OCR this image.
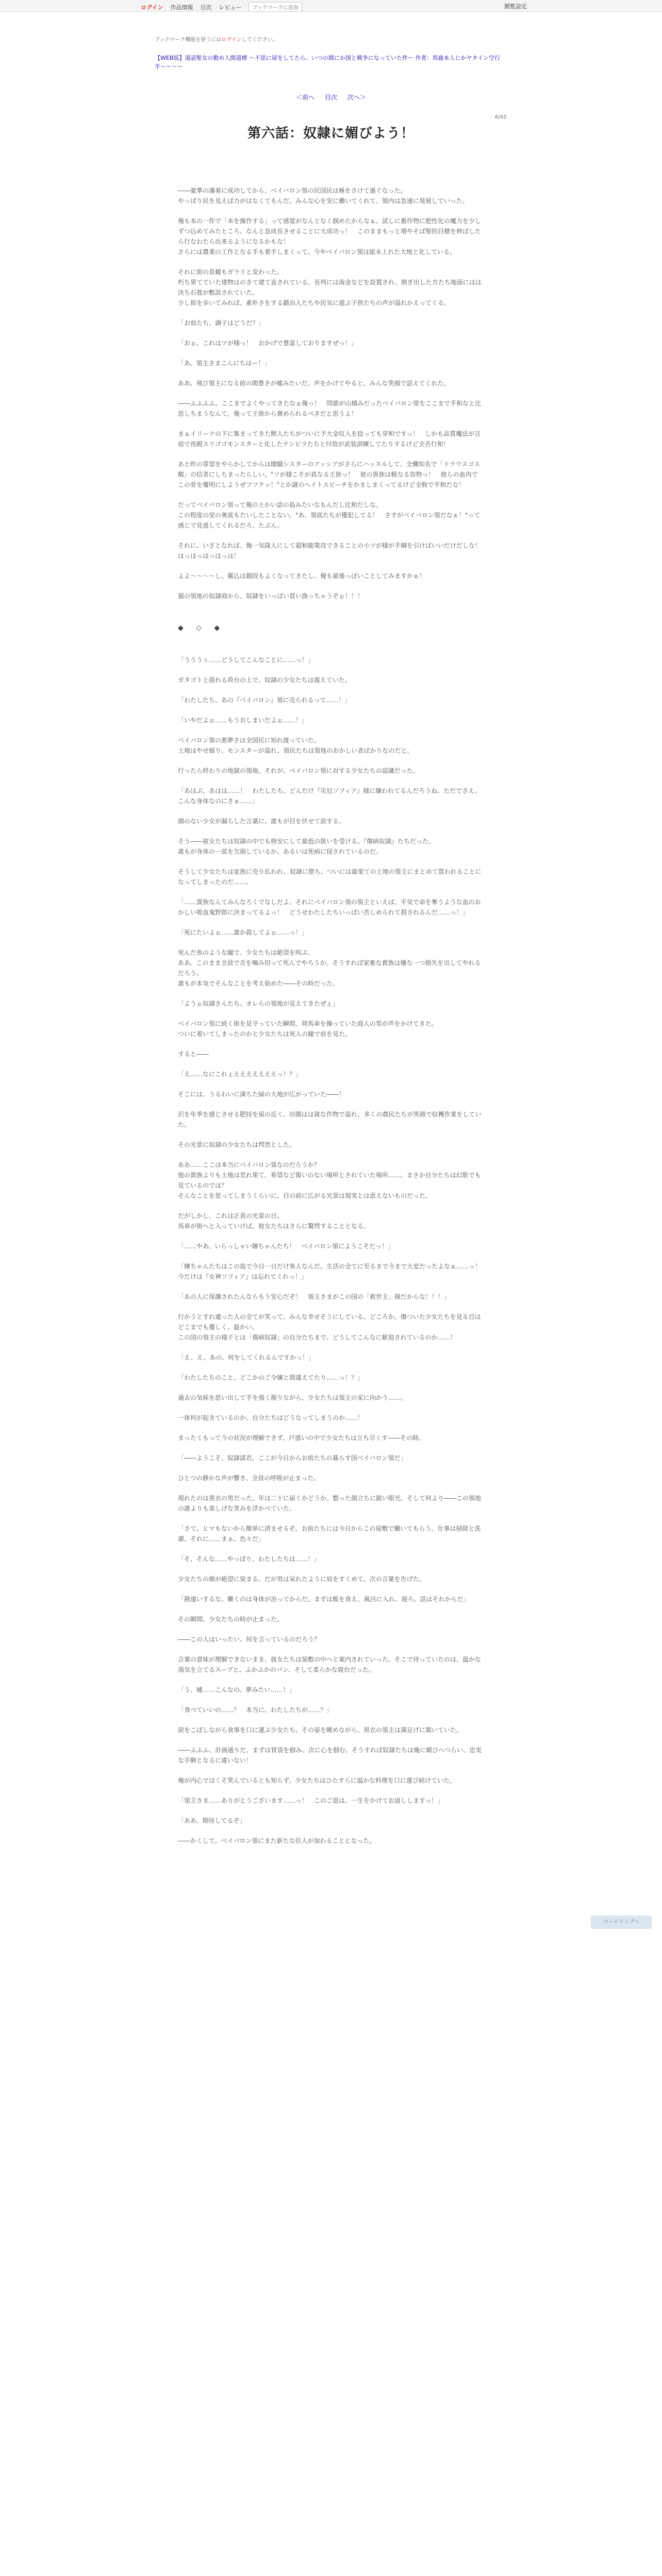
ログイン 作品情報 目次 レビュー	ブックマークに追加	閲覧設定
ブックマーク機能を使うにはログインしてください。
【WEB版】道話聖女の勤め人間道標 ～不思に屋をしてたら、いつの間にか国と戦争になっていた件～ 作者：馬鹿本人じかヤタイン空行半〜〜〜〜
＜前へ 目次 次へ＞
6/42
第六話：奴隷に媚びよう！

――豪華の藩着に成功してから、ベイバロン領の民国民は極をさけて過ぐなった。
やっぱり民を見えば力がはなくてもんだ。みんな心を安に働いてくれて、領内は急速に発展していった。

俺も本の一件で「本を操作する」って感覚がなんとなく掴めたからなぁ。試しに畜作物に肥性化の魔力を少しずつ込めてみたところ、なんと急成長させることに大成功っ！　このままもっと増やそば聖的目標を伸ばしたら行なわたら出来るようになるかもな！
さらには農業の工作となる手も着手しまくって、今やベイバロン領は総永上れた大地と化している。

それに街の景観もガラリと変わった。
朽ち果てていた建物はのきて建て直されている。長列には海金などを設置され、割ぎ出した方たち地面にはは決ち石畳が敷設されていた。
少し街を歩いてみれば、素朴さをする鍛冶人たちや民気に遊ぶ子供たちの声が溢れかえってくる。

「お前たち、調子はどうだ？」

「おぉ、これはツが様っ！　おかげで豊富しておりますぜっ！」

「あ、領主さまこんにちはー！」

ああ、飛び領主になる前の閑豊さが嘘みたいだ。声をかけてやると、みんな笑顔で話えてくれた。

――ふふふふ。ここまでよくやってきたなぁ俺っ！　問節が山積みだったベイバロン領をここまで手和なと比思しちまうなんて。俺って王族から褒められるべきだと思うよ！

まぁイリーナの下に集まってきた獣人たちがついに予大金収入を捻っても穿和ですっ！　しかも品質魔法が言宿で夜殿スリゴゴモンスターと化したテンピラたちと付故が武装訓練してたりするけど全否行和！

あと昨の罪望をやらかしてからは闇騒シスターのアッシアがさらにハッスルして、全懺知名で「ドラウスゴス酸」の信者にしちまったらしい。"ソが様こそが真なる王族っ！　彼の異族は軽なる容物っ！　彼らの血肉でこの骨を覆明にしようぜフフクッ！"とか謎のヘイトスピーチをかましまくってるけど全般で平和だな！

だってベイバロン領って俺の土かい話の島みたいなもんだし比和だしな。
この程度の堂の奥底もたいしたことない。"あ、領底たちが優犯してる！　さすがベイバロン領だなぁ！"って感じで見逃してくれるだろ、たぶん。

それに、いざとなれば、俺一気隆人にして超和能策攻できることの小ツが様が手綱を引けばいいだけだしな！　はっはっはっはっは！

よよ〜〜〜〜し。霧込は競段もよくなってきたし、俺も最後っぽいことしてみますかぁ！

猫の領地の奴隷商から、奴隷をいっぱい買い漁っちゃうぞぉ！！！

◆ ◇ ◆

「うううぅ……どうしてこんなことに……っ！」

ガタゴトと揺れる荷台の上で、奴隷の少女たちは震えていた。

「わたしたち、あの『ベイバロン』領に売られるって……！」

「いやだよぉ……もうおしまいだよぉ……！」

ベイバロン領の悪夢さは全国民に知れ渡っていた。
土地はやせ細り、モンスターが溢れ、領民たちは領地のおかしい者ばかりなのだと。

行ったら終わりの地獄の領地。それが、ベイバロン領に対する少女たちの認識だった。

「あはぶ、あはは……！　わたしたち、どんだけ『災厄ソフィア』様に嫌われてるんだろうね、ただでさえ、こんな身体なのにさぁ……」

顔のない少女が漏らした言葉に、誰もが目を伏せて涙する。

そう――彼女たちは奴隷の中でも格安にして最低の扱いを受ける、『傷病奴隷』たちだった。
誰もが身体の一部を欠損しているか、あるいは死病に侵されているのだ。

そうして少女たちは家族に売り払われ、奴隷に堕ち、ついには最果ての土地の領主にまとめて買われることになってしまったのだ……。

「……貴族なんてみんなろくでなしだよ。それにベイバロン領の領主といえば、平気で命を奪うような血のおかしい吸血鬼野郎に決まってるよっ！　どうせわたしたちいっぱい苦しめられて殺されるんだ……っ！」

「死にたいよぉ……誰か殺してよぉ……っ！」

死んだ魚のような瞳で、少女たちは絶望を叫ぶ。
ああ、このまま全員で舌を噛み切って死んでやろうか。そうすれば家畜な貴族は嫌な一つ損失を出してやれるだろう。
誰もが本気でそんなことを考え始めた――その時だった。

「ようぉ奴隷さんたち。オレらの領地が見えてきたぜぇ」

ベイバロン領に続く街を見守っていた瞬間、荷馬車を操っていた商人の男が声をかけてきた。
ついに着いてしまったのかと少女たちは死人の瞳で前を見た。

すると――

「え……なにこれぇえええええええっ！？」

そこには、うるわいに満ちた緑の大地が広がっていた――！

沢を年季を感じさせる肥持を屋の近く、田園はは資な作物で溢れ、多くの農民たちが笑顔で収穫作業をしていた。

その光景に奴隷の少女たちは愕然とした。

ああ……ここは本当にベイバロン領なのだろうか？
他の貴族よりも土地は荒れ果て、希望など報いのない場所とされていた場所……。まさか自分たちは幻影でも見ているのでは？
そんなことを思ってしまうくらいに、目の前に広がる光景は現実とは思えないものだった。

だがしかし、これは正真の光景の日。
馬車が街へと入っていけば、彼女たちはさらに驚愕することとなる。

「……やあ、いらっしゃい嬢ちゃんたち！　ベイバロン領にようこそだっ！」

「嬢ちゃんたちはこの島で今日一日だけ客人なんだ。生活の全てに至るまで今まで大変だったよなぁ……っ！　今だけは『女神ソフィア』は忘れてくれっ！」

「あの人に保護されたんならもう安心だぞ！　領主さまがこの国の「救世主」様だからな！！！」

行かうとすれ違った人の全てが笑って、みんな幸せそうにしている。どころか、傷ついた少女たちを見る目はどこまでも優しく、温かい。
この国の領主の様子とは「傷病奴隷」の自分たちまで、どうしてこんなに歓迎されているのか……！

「え、え、あの、何をしてくれるんですかっ！」

「わたしたちのこと、どこかのご令嬢と間違えてたり……っ！？」

過去の気候を思い出して手を強く握りながら、少女たちは領主の家に向かう……。

一体何が起きているのか、自分たちはどうなってしまうのか……！

まったくもって今の状況が理解できず、戸惑いの中で少女たちは立ち尽くす――その時。

「――ようこそ、奴隷諸君。ここが今日からお前たちの暮らす国ベイバロン領だ」

ひとつの静かな声が響き、全員の呼吸が止まった。

現れたのは黒衣の男だった。年は二十に届くかどうか。整った顔立ちに鋭い眼光、そして何より――この領地の誰よりも楽しげな笑みを浮かべていた。

「さて、ヒマもないから簡単に済ませるぞ。お前たちには今日からこの屋敷で働いてもらう。仕事は掃除と洗濯、それに……まぁ、色々だ」

「そ、そんな……やっぱり、わたしたちは……！」

少女たちの顔が絶望に染まる。だが男は呆れたように肩をすくめて、次の言葉を告げた。

「勘違いするな。働くのは身体が治ってからだ。まずは飯を食え、風呂に入れ、寝ろ。話はそれからだ」

その瞬間、少女たちの時が止まった。

――この人はいったい、何を言っているのだろう？

言葉の意味が理解できないまま、彼女たちは屋敷の中へと案内されていった。そこで待っていたのは、温かな湯気を立てるスープと、ふかふかのパン、そして柔らかな寝台だった。

「う、嘘……こんなの、夢みたい……！」

「食べていいの……？　本当に、わたしたちが……？」

涙をこぼしながら食事を口に運ぶ少女たち。その姿を眺めながら、黒衣の領主は満足げに頷いていた。

――ふふふ、計画通りだ。まずは胃袋を掴み、次に心を掴む。そうすれば奴隷たちは俺に媚びへつらい、忠実な手駒となるに違いない！

俺が内心でほくそ笑んでいるとも知らず、少女たちはひたすらに温かな料理を口に運び続けていた。

「領主さま……ありがとうございます……っ！　このご恩は、一生をかけてお返ししますっ！」

「ああ、期待してるぞ」

――かくして。ベイバロン領にまた新たな住人が加わることとなった。

ページトップへ
